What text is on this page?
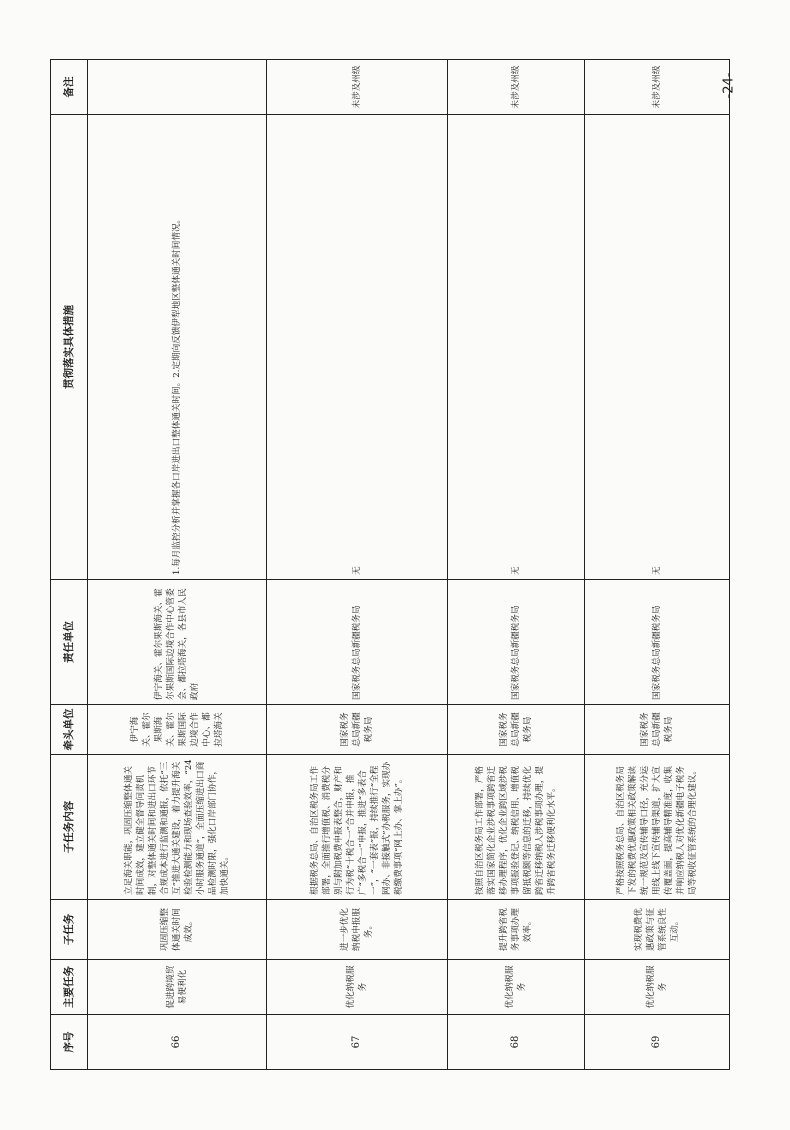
序号	主要任务	子任务	子任务内容	牵头单位	责任单位	贯彻落实具体措施	备注
66	促进跨境贸易便利化	巩固压缩整体通关时间成效。	立足海关职能，巩固压缩整体通关时间成效，建立健全督导问责机制，对整体通关时间和进出口环节合规成本进行监测和通报，依托“三互”推进大通关建设，着力提升海关检验检测能力和现场查验效率，“24小时服务通道”，全面压缩进出口商品检测时限，强化口岸部门协作，加快通关。	伊宁海关、霍尔果斯海关、霍尔果斯国际边境合作中心、都拉塔海关	伊宁海关、霍尔果斯海关、霍尔果斯国际边境合作中心管委会、都拉塔海关，各县市人民政府	1.每月监控分析并掌握各口岸进出口整体通关时间。2.定期向反馈伊犁地区整体通关时间情况。	
67	优化纳税服务	进一步优化纳税申报服务。	根据税务总局、自治区税务局工作部署，全面推行增值税、消费税分别与附加税费申报表整合，财产和行为税“十税合一”合并申报，推广“多税合一”申报，推进“多表合一”，“一套表”报，持续推行“全程网办、非接触式”办税服务，实现办税缴费事项“网上办、掌上办”。	国家税务总局新疆税务局	国家税务总局新疆税务局	无	未涉及州级
68	优化纳税服务	提升跨省税务事项办理效率。	按照自治区税务局工作部署，严格落实国家简化企业涉税事项跨省迁移办理程序，优化企业跨区域涉税事项报验登记、纳税信用、增值税留抵税额等信息的迁移，持续优化跨省迁移纳税人涉税事项办理，提升跨省税务迁移便利化水平。	国家税务总局新疆税务局	国家税务总局新疆税务局	无	未涉及州级
69	优化纳税服务	实现税费优惠政策与征管系统良性互动。	严格按照税务总局、自治区税务局下发的税费优惠政策相关政策解读统一规范及宣传辅导口径，充分运用线上线下宣传辅导渠道，扩大宣传覆盖面，提高辅导精准度，收集并响应纳税人对优化新疆电子税务局等税收征管系统的合理化建议。	国家税务总局新疆税务局	国家税务总局新疆税务局	无	未涉及州级	-24-
